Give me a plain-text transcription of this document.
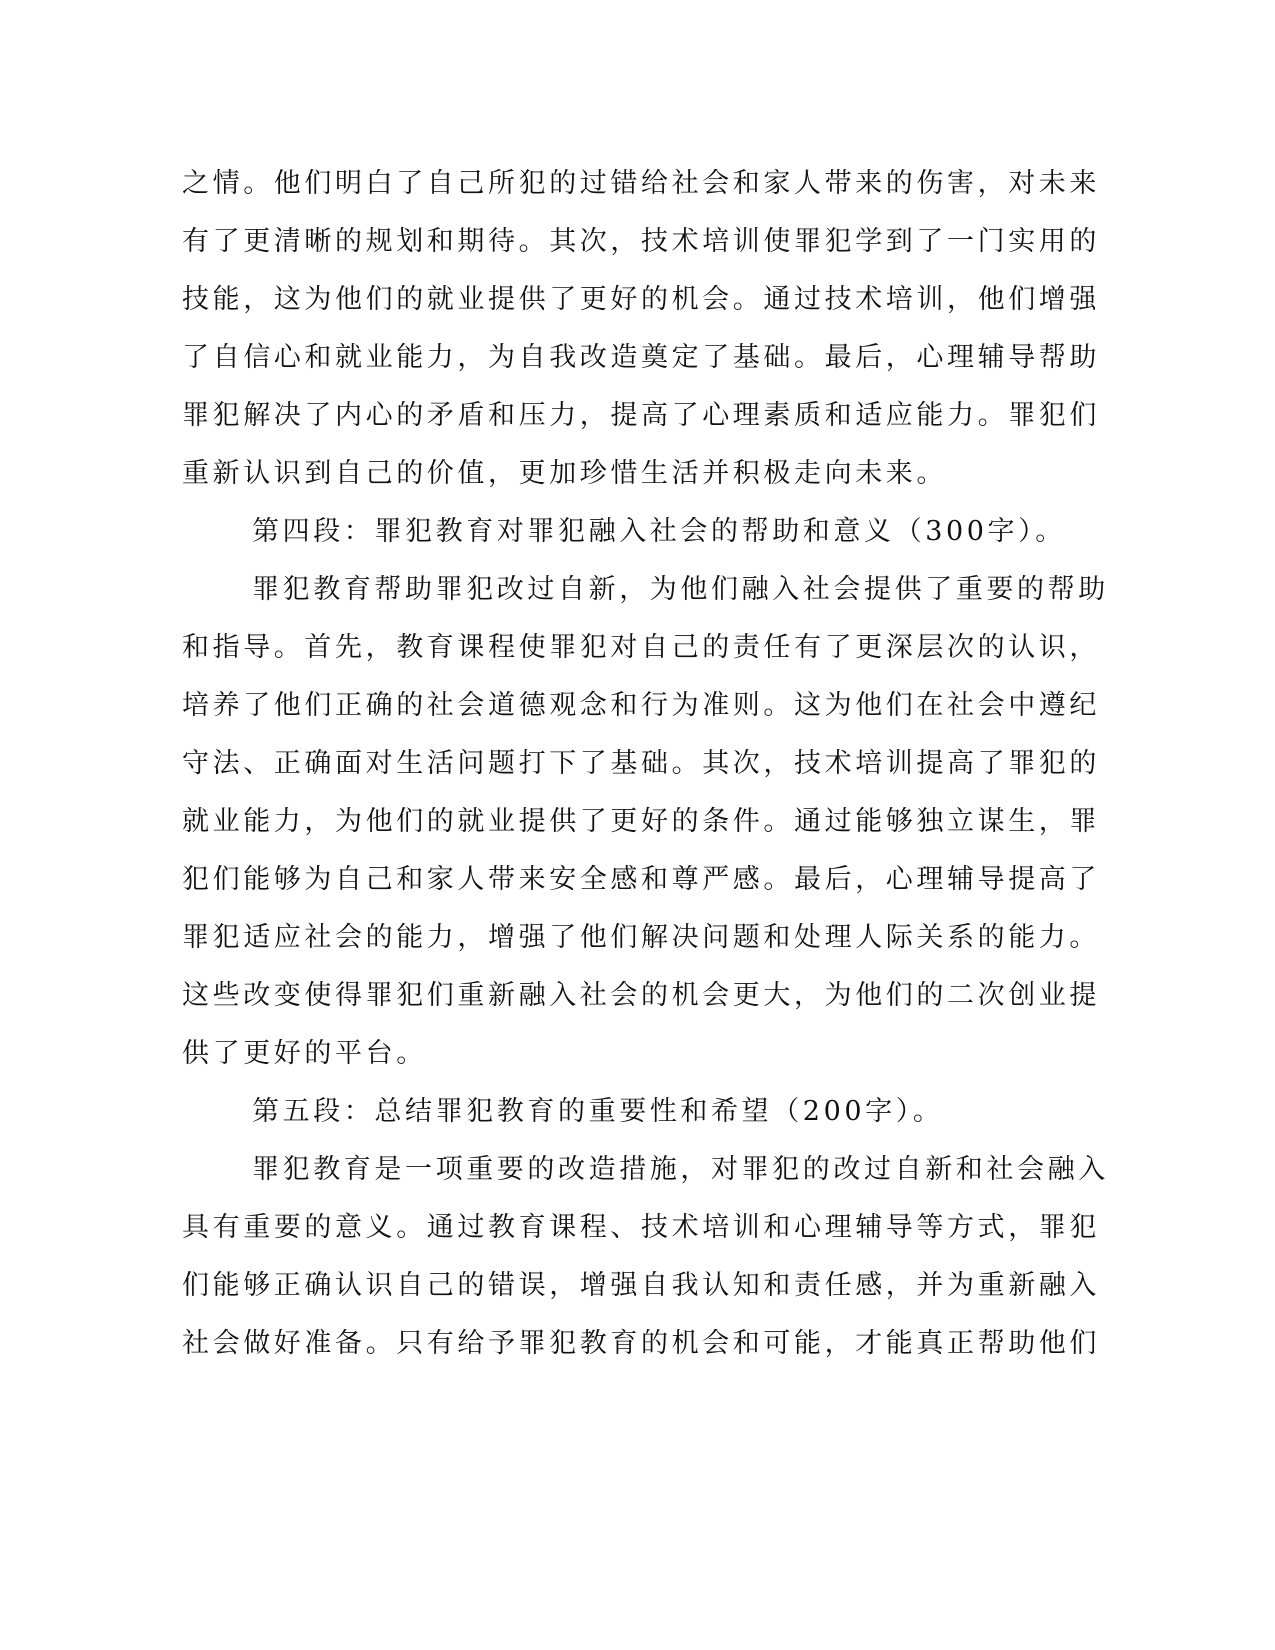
之情。他们明白了自己所犯的过错给社会和家人带来的伤害，对未来
有了更清晰的规划和期待。其次，技术培训使罪犯学到了一门实用的
技能，这为他们的就业提供了更好的机会。通过技术培训，他们增强
了自信心和就业能力，为自我改造奠定了基础。最后，心理辅导帮助
罪犯解决了内心的矛盾和压力，提高了心理素质和适应能力。罪犯们
重新认识到自己的价值，更加珍惜生活并积极走向未来。
第四段：罪犯教育对罪犯融入社会的帮助和意义（300字）。
罪犯教育帮助罪犯改过自新，为他们融入社会提供了重要的帮助
和指导。首先，教育课程使罪犯对自己的责任有了更深层次的认识，
培养了他们正确的社会道德观念和行为准则。这为他们在社会中遵纪
守法、正确面对生活问题打下了基础。其次，技术培训提高了罪犯的
就业能力，为他们的就业提供了更好的条件。通过能够独立谋生，罪
犯们能够为自己和家人带来安全感和尊严感。最后，心理辅导提高了
罪犯适应社会的能力，增强了他们解决问题和处理人际关系的能力。
这些改变使得罪犯们重新融入社会的机会更大，为他们的二次创业提
供了更好的平台。
第五段：总结罪犯教育的重要性和希望（200字）。
罪犯教育是一项重要的改造措施，对罪犯的改过自新和社会融入
具有重要的意义。通过教育课程、技术培训和心理辅导等方式，罪犯
们能够正确认识自己的错误，增强自我认知和责任感，并为重新融入
社会做好准备。只有给予罪犯教育的机会和可能，才能真正帮助他们
